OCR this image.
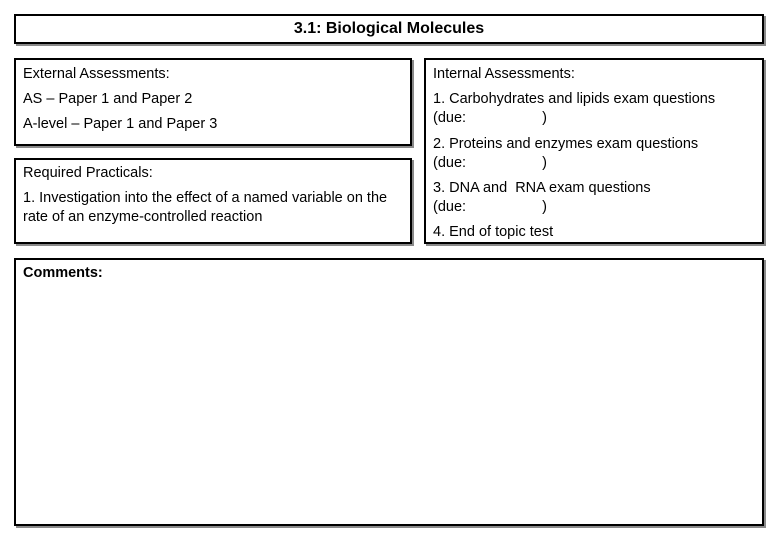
3.1: Biological Molecules
External Assessments:
AS – Paper 1 and Paper 2
A-level – Paper 1 and Paper 3
Required Practicals:
1. Investigation into the effect of a named variable on the rate of an enzyme-controlled reaction
Internal Assessments:
1. Carbohydrates and lipids exam questions
(due:	)
2. Proteins and enzymes exam questions
(due:	)
3. DNA and  RNA exam questions
(due:	)
4. End of topic test
Comments:
